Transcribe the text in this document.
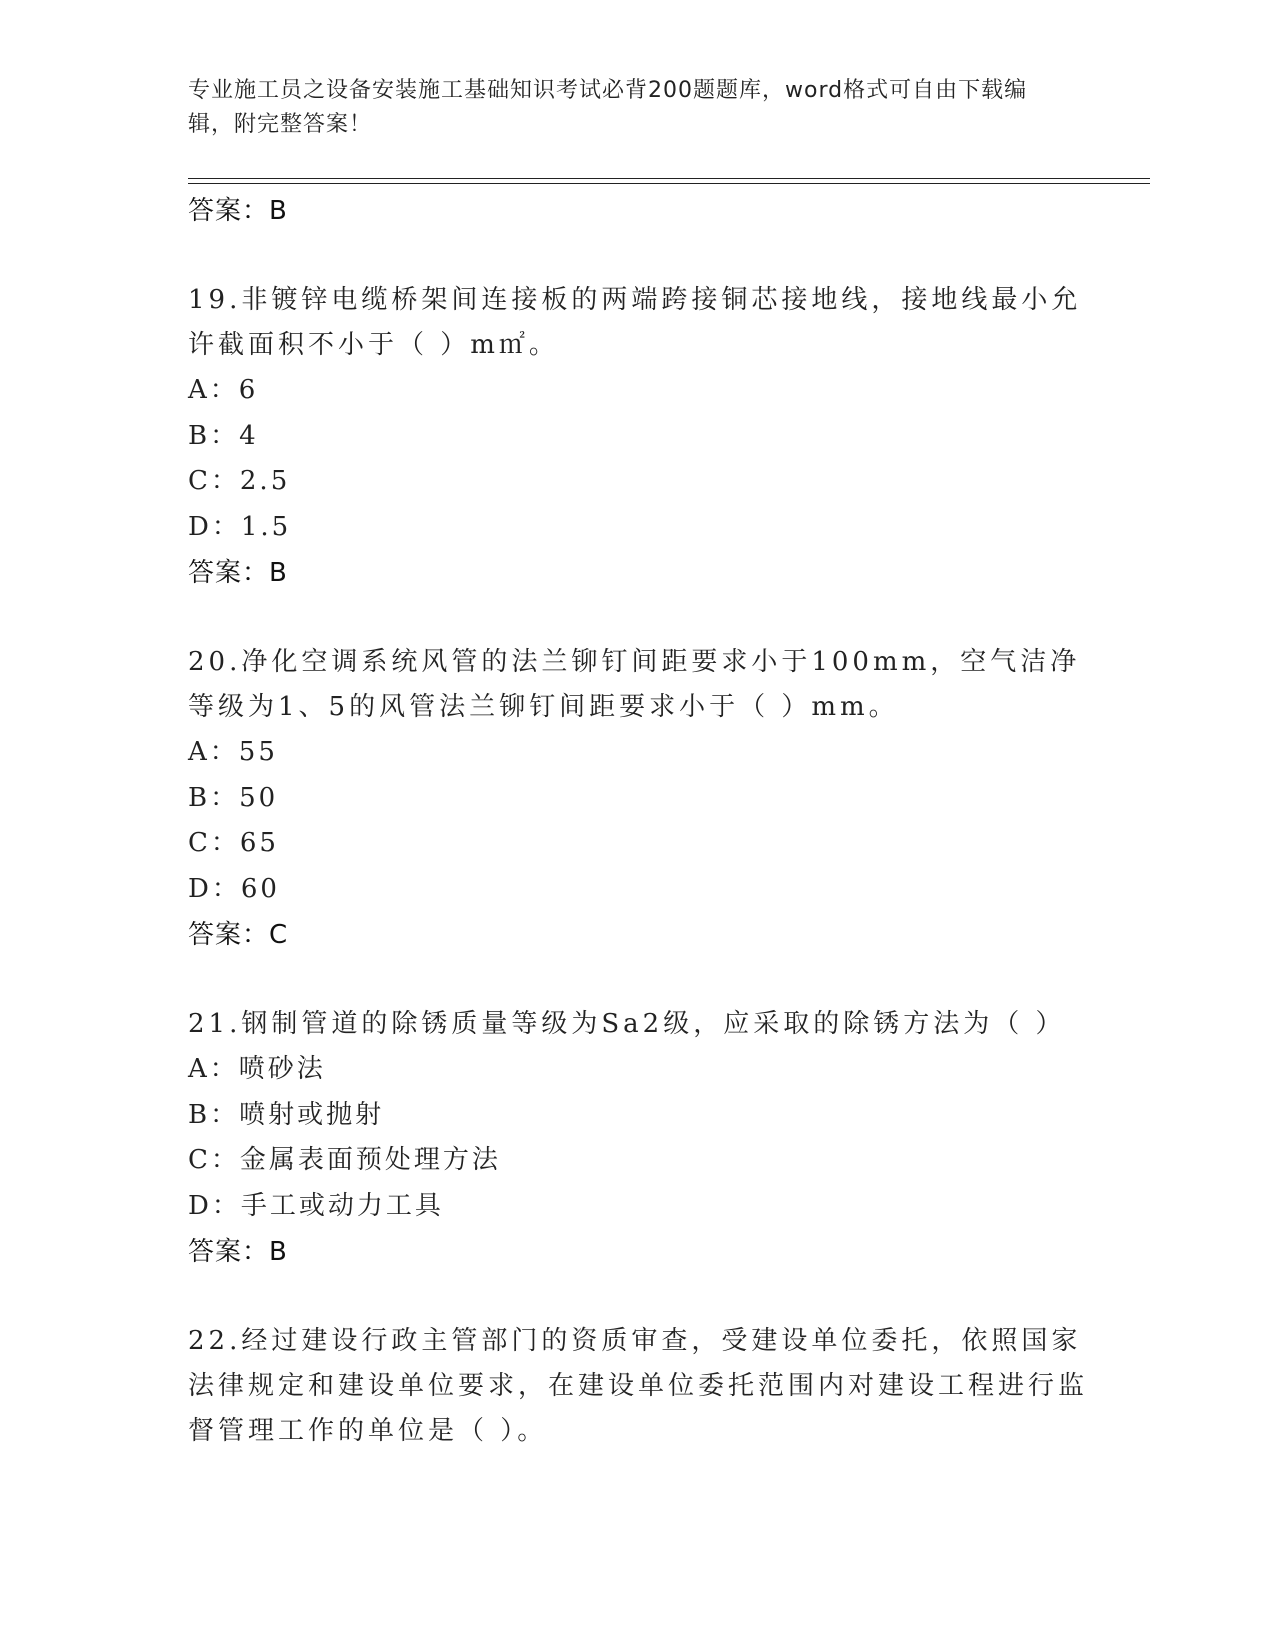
专业施工员之设备安装施工基础知识考试必背200题题库，word格式可自由下载编辑，附完整答案！
答案：B
19.非镀锌电缆桥架间连接板的两端跨接铜芯接地线，接地线最小允许截面积不小于（ ）m㎡。
A：6
B：4
C：2.5
D：1.5
答案：B
20.净化空调系统风管的法兰铆钉间距要求小于100mm，空气洁净等级为1、5的风管法兰铆钉间距要求小于（ ）mm。
A：55
B：50
C：65
D：60
答案：C
21.钢制管道的除锈质量等级为Sa2级，应采取的除锈方法为（ ）
A：喷砂法
B：喷射或抛射
C：金属表面预处理方法
D：手工或动力工具
答案：B
22.经过建设行政主管部门的资质审查，受建设单位委托，依照国家法律规定和建设单位要求，在建设单位委托范围内对建设工程进行监督管理工作的单位是（ ）。
